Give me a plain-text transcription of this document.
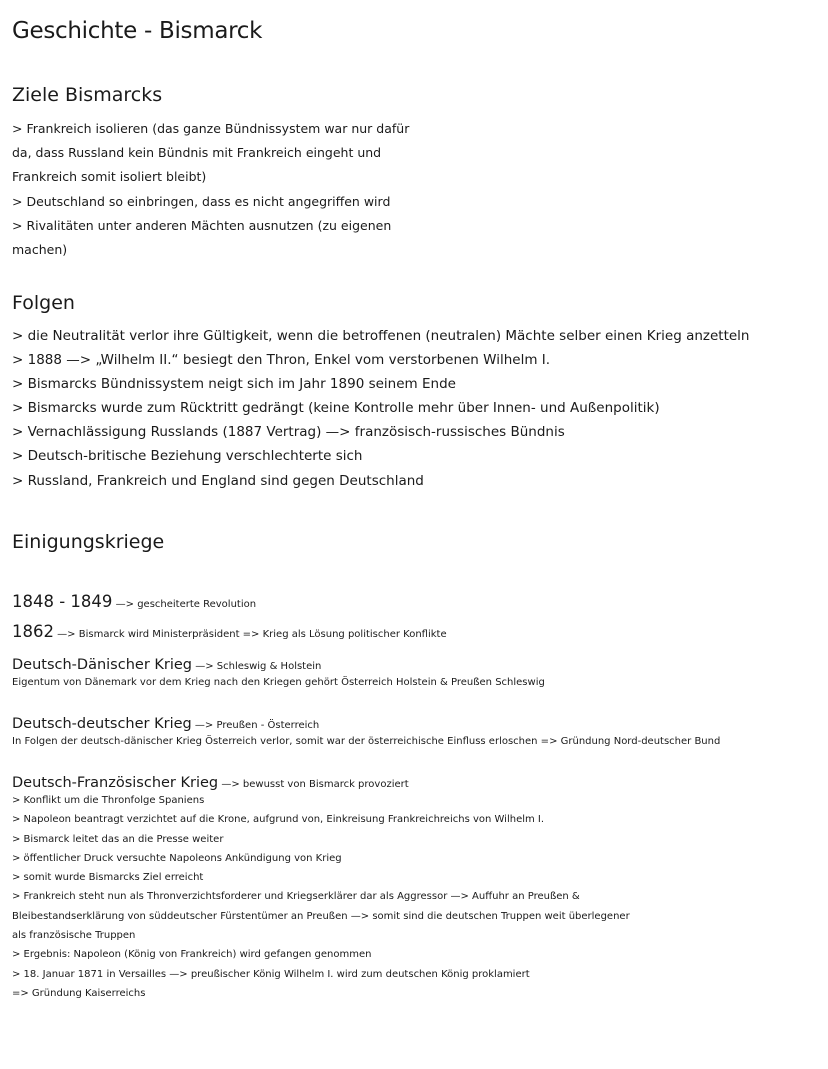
Geschichte - Bismarck
Ziele Bismarcks
> Frankreich isolieren (das ganze Bündnissystem war nur dafür
da, dass Russland kein Bündnis mit Frankreich eingeht und
Frankreich somit isoliert bleibt)
> Deutschland so einbringen, dass es nicht angegriffen wird
> Rivalitäten unter anderen Mächten ausnutzen (zu eigenen
machen)
Folgen
> die Neutralität verlor ihre Gültigkeit, wenn die betroffenen (neutralen) Mächte selber einen Krieg anzetteln
> 1888 —> „Wilhelm II.“ besiegt den Thron, Enkel vom verstorbenen Wilhelm I.
> Bismarcks Bündnissystem neigt sich im Jahr 1890 seinem Ende
> Bismarcks wurde zum Rücktritt gedrängt (keine Kontrolle mehr über Innen- und Außenpolitik)
> Vernachlässigung Russlands (1887 Vertrag) —> französisch-russisches Bündnis
> Deutsch-britische Beziehung verschlechterte sich
> Russland, Frankreich und England sind gegen Deutschland
Einigungskriege
1848 - 1849 —> gescheiterte Revolution
1862 —> Bismarck wird Ministerpräsident => Krieg als Lösung politischer Konflikte
Deutsch-Dänischer Krieg —> Schleswig & Holstein
Eigentum von Dänemark vor dem Krieg nach den Kriegen gehört Österreich Holstein & Preußen Schleswig
Deutsch-deutscher Krieg —> Preußen - Österreich
In Folgen der deutsch-dänischer Krieg Österreich verlor, somit war der österreichische Einfluss erloschen => Gründung Nord-deutscher Bund
Deutsch-Französischer Krieg —> bewusst von Bismarck provoziert
> Konflikt um die Thronfolge Spaniens
> Napoleon beantragt verzichtet auf die Krone, aufgrund von, Einkreisung Frankreichreichs von Wilhelm I.
> Bismarck leitet das an die Presse weiter
> öffentlicher Druck versuchte Napoleons Ankündigung von Krieg
> somit wurde Bismarcks Ziel erreicht
> Frankreich steht nun als Thronverzichtsforderer und Kriegserklärer dar als Aggressor —> Auffuhr an Preußen &
Bleibestandserklärung von süddeutscher Fürstentümer an Preußen —> somit sind die deutschen Truppen weit überlegener
als französische Truppen
> Ergebnis: Napoleon (König von Frankreich) wird gefangen genommen
> 18. Januar 1871 in Versailles —> preußischer König Wilhelm I. wird zum deutschen König proklamiert
=> Gründung Kaiserreichs
